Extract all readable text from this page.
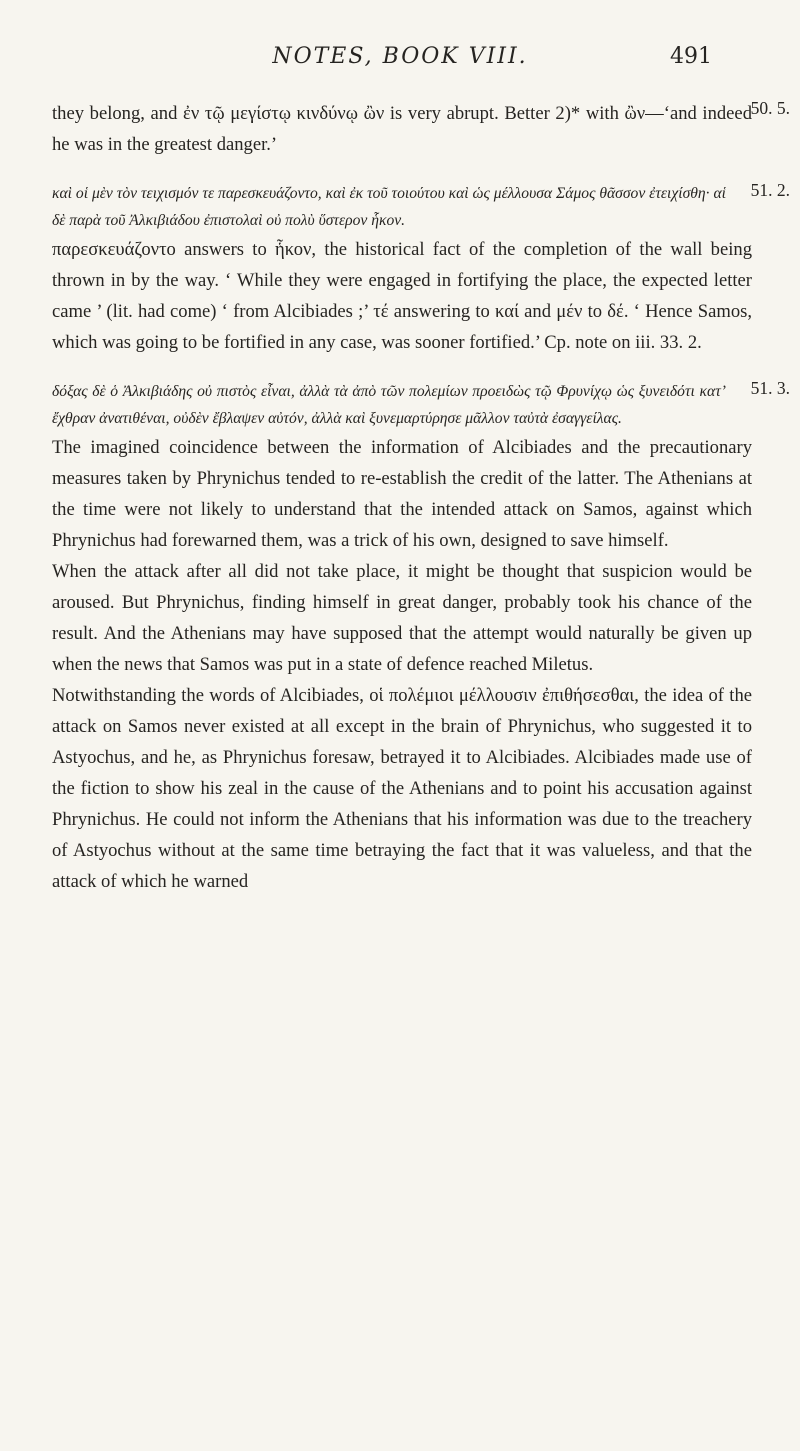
NOTES, BOOK VIII.	491

they belong, and ἐν τῷ μεγίστῳ κινδύνῳ ὢν is very abrupt. Better 2)* with ὢν—‘and indeed he was in the greatest danger.’

50. 5.

καὶ οἱ μὲν τὸν τειχισμόν τε παρεσκευάζοντο, καὶ ἐκ τοῦ τοιούτου καὶ ὡς μέλλουσα Σάμος θᾶσσον ἐτειχίσθη· αἱ δὲ παρὰ τοῦ Ἀλκιβιάδου ἐπιστολαὶ οὐ πολὺ ὕστερον ἧκον.

51. 2.

παρεσκευάζοντο answers to ἧκον, the historical fact of the completion of the wall being thrown in by the way. ‘ While they were engaged in fortifying the place, the expected letter came ’ (lit. had come) ‘ from Alcibiades ;’ τέ answering to καί and μέν to δέ. ‘ Hence Samos, which was going to be fortified in any case, was sooner fortified.’ Cp. note on iii. 33. 2.

δόξας δὲ ὁ Ἀλκιβιάδης οὐ πιστὸς εἶναι, ἀλλὰ τὰ ἀπὸ τῶν πολεμίων προειδὼς τῷ Φρυνίχῳ ὡς ξυνειδότι κατ’ ἔχθραν ἀνατιθέναι, οὐδὲν ἔβλαψεν αὐτόν, ἀλλὰ καὶ ξυνεμαρτύρησε μᾶλλον ταὐτὰ ἐσαγγείλας.

51. 3.

The imagined coincidence between the information of Alcibiades and the precautionary measures taken by Phrynichus tended to re-establish the credit of the latter. The Athenians at the time were not likely to understand that the intended attack on Samos, against which Phrynichus had forewarned them, was a trick of his own, designed to save himself.

When the attack after all did not take place, it might be thought that suspicion would be aroused. But Phrynichus, finding himself in great danger, probably took his chance of the result. And the Athenians may have supposed that the attempt would naturally be given up when the news that Samos was put in a state of defence reached Miletus.

Notwithstanding the words of Alcibiades, οἱ πολέμιοι μέλλουσιν ἐπιθήσεσθαι, the idea of the attack on Samos never existed at all except in the brain of Phrynichus, who suggested it to Astyochus, and he, as Phrynichus foresaw, betrayed it to Alcibiades. Alcibiades made use of the fiction to show his zeal in the cause of the Athenians and to point his accusation against Phrynichus. He could not inform the Athenians that his information was due to the treachery of Astyochus without at the same time betraying the fact that it was valueless, and that the attack of which he warned
